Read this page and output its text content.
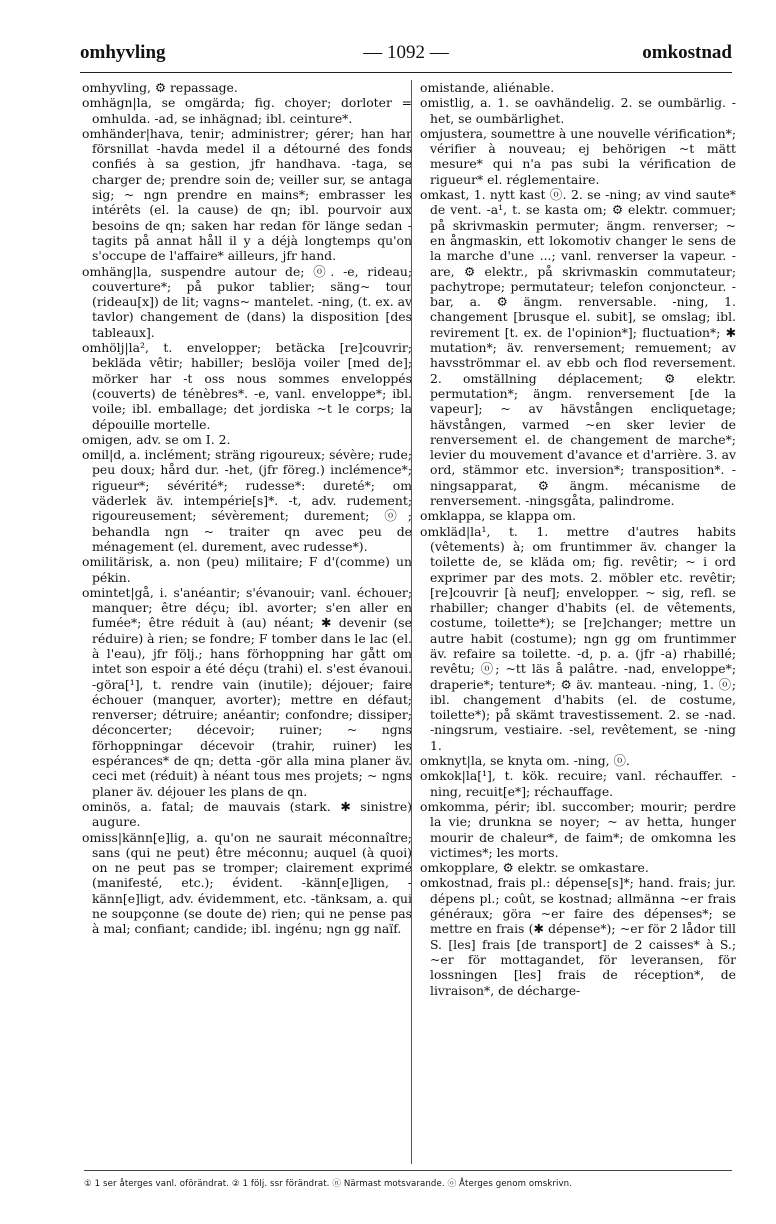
omhyvling	— 1092 —	omkostnad

omhyvling, ⚙ repassage.

omhägn|la, se omgärda; fig. choyer; dorloter = omhulda. -ad, se inhägnad; ibl. ceinture*.

omhänder|hava, tenir; administrer; gérer; han har försnillat -havda medel il a détourné des fonds confiés à sa gestion, jfr handhava. -taga, se charger de; prendre soin de; veiller sur, se antaga sig; ~ ngn prendre en mains*; embrasser les intérêts (el. la cause) de qn; ibl. pourvoir aux besoins de qn; saken har redan för länge sedan -tagits på annat håll il y a déjà longtemps qu'on s'occupe de l'affaire* ailleurs, jfr hand.

omhäng|la, suspendre autour de; ⓞ. -e, rideau; couverture*; på pukor tablier; säng~ tour (rideau[x]) de lit; vagns~ mantelet. -ning, (t. ex. av tavlor) changement de (dans) la disposition [des tableaux].

omhölj|la², t. envelopper; betäcka [re]couvrir; bekläda vêtir; habiller; beslöja voiler [med de]; mörker har -t oss nous sommes enveloppés (couverts) de ténèbres*. -e, vanl. enveloppe*; ibl. voile; ibl. emballage; det jordiska ~t le corps; la dépouille mortelle.

omigen, adv. se om I. 2.

omil|d, a. inclément; sträng rigoureux; sévère; rude; peu doux; hård dur. -het, (jfr föreg.) inclémence*; rigueur*; sévérité*; rudesse*: dureté*; om väderlek äv. intempérie[s]*. -t, adv. rudement; rigoureusement; sévèrement; durement; ⓞ; behandla ngn ~ traiter qn avec peu de ménagement (el. durement, avec rudesse*).

omilitärisk, a. non (peu) militaire; F d'(comme) un pékin.

omintet|gå, i. s'anéantir; s'évanouir; vanl. échouer; manquer; être déçu; ibl. avorter; s'en aller en fumée*; être réduit à (au) néant; ✱ devenir (se réduire) à rien; se fondre; F tomber dans le lac (el. à l'eau), jfr följ.; hans förhoppning har gått om intet son espoir a été déçu (trahi) el. s'est évanoui. -göra[¹], t. rendre vain (inutile); déjouer; faire échouer (manquer, avorter); mettre en défaut; renverser; détruire; anéantir; confondre; dissiper; déconcerter; décevoir; ruiner; ~ ngns förhoppningar décevoir (trahir, ruiner) les espérances* de qn; detta -gör alla mina planer äv. ceci met (réduit) à néant tous mes projets; ~ ngns planer äv. déjouer les plans de qn.

ominös, a. fatal; de mauvais (stark. ✱ sinistre) augure.

omiss|känn[e]lig, a. qu'on ne saurait méconnaître; sans (qui ne peut) être méconnu; auquel (à quoi) on ne peut pas se tromper; clairement exprimé (manifesté, etc.); évident. -känn[e]ligen, -känn[e]ligt, adv. évidemment, etc. -tänksam, a. qui ne soupçonne (se doute de) rien; qui ne pense pas à mal; confiant; candide; ibl. ingénu; ngn gg naïf.

omistande, aliénable.

omistlig, a. 1. se oavhändelig. 2. se oumbärlig. -het, se oumbärlighet.

omjustera, soumettre à une nouvelle vérification*; vérifier à nouveau; ej behörigen ~t mätt mesure* qui n'a pas subi la vérification de rigueur* el. réglementaire.

omkast, 1. nytt kast ⓞ. 2. se -ning; av vind saute* de vent. -a¹, t. se kasta om; ⚙ elektr. commuer; på skrivmaskin permuter; ängm. renverser; ~ en ångmaskin, ett lokomotiv changer le sens de la marche d'une ...; vanl. renverser la vapeur. -are, ⚙ elektr., på skrivmaskin commutateur; pachytrope; permutateur; telefon conjoncteur. -bar, a. ⚙ ängm. renversable. -ning, 1. changement [brusque el. subit], se omslag; ibl. revirement [t. ex. de l'opinion*]; fluctuation*; ✱ mutation*; äv. renversement; remuement; av havsströmmar el. av ebb och flod reversement. 2. omställning déplacement; ⚙ elektr. permutation*; ängm. renversement [de la vapeur]; ~ av hävstången encliquetage; hävstången, varmed ~en sker levier de renversement el. de changement de marche*; levier du mouvement d'avance et d'arrière. 3. av ord, stämmor etc. inversion*; transposition*. -ningsapparat, ⚙ ängm. mécanisme de renversement. -ningsgåta, palindrome.

omklappa, se klappa om.

omkläd|la¹, t. 1. mettre d'autres habits (vêtements) à; om fruntimmer äv. changer la toilette de, se kläda om; fig. revêtir; ~ i ord exprimer par des mots. 2. möbler etc. revêtir; [re]couvrir [à neuf]; envelopper. ~ sig, refl. se rhabiller; changer d'habits (el. de vêtements, costume, toilette*); se [re]changer; mettre un autre habit (costume); ngn gg om fruntimmer äv. refaire sa toilette. -d, p. a. (jfr -a) rhabillé; revêtu; ⓞ; ~tt läs å palâtre. -nad, enveloppe*; draperie*; tenture*; ⚙ äv. manteau. -ning, 1. ⓞ; ibl. changement d'habits (el. de costume, toilette*); på skämt travestissement. 2. se -nad. -ningsrum, vestiaire. -sel, revêtement, se -ning 1.

omknyt|la, se knyta om. -ning, ⓞ.

omkok|la[¹], t. kök. recuire; vanl. réchauffer. -ning, recuit[e*]; réchauffage.

omkomma, périr; ibl. succomber; mourir; perdre la vie; drunkna se noyer; ~ av hetta, hunger mourir de chaleur*, de faim*; de omkomna les victimes*; les morts.

omkopplare, ⚙ elektr. se omkastare.

omkostnad, frais pl.: dépense[s]*; hand. frais; jur. dépens pl.; coût, se kostnad; allmänna ~er frais généraux; göra ~er faire des dépenses*; se mettre en frais (✱ dépense*); ~er för 2 lådor till S. [les] frais [de transport] de 2 caisses* à S.; ~er för mottagandet, för leveransen, för lossningen [les] frais de réception*, de livraison*, de décharge-

① 1 ser återges vanl. oförändrat. ② 1 följ. ssr förändrat. ⓝ Närmast motsvarande. ⓞ Återges genom omskrivn.
